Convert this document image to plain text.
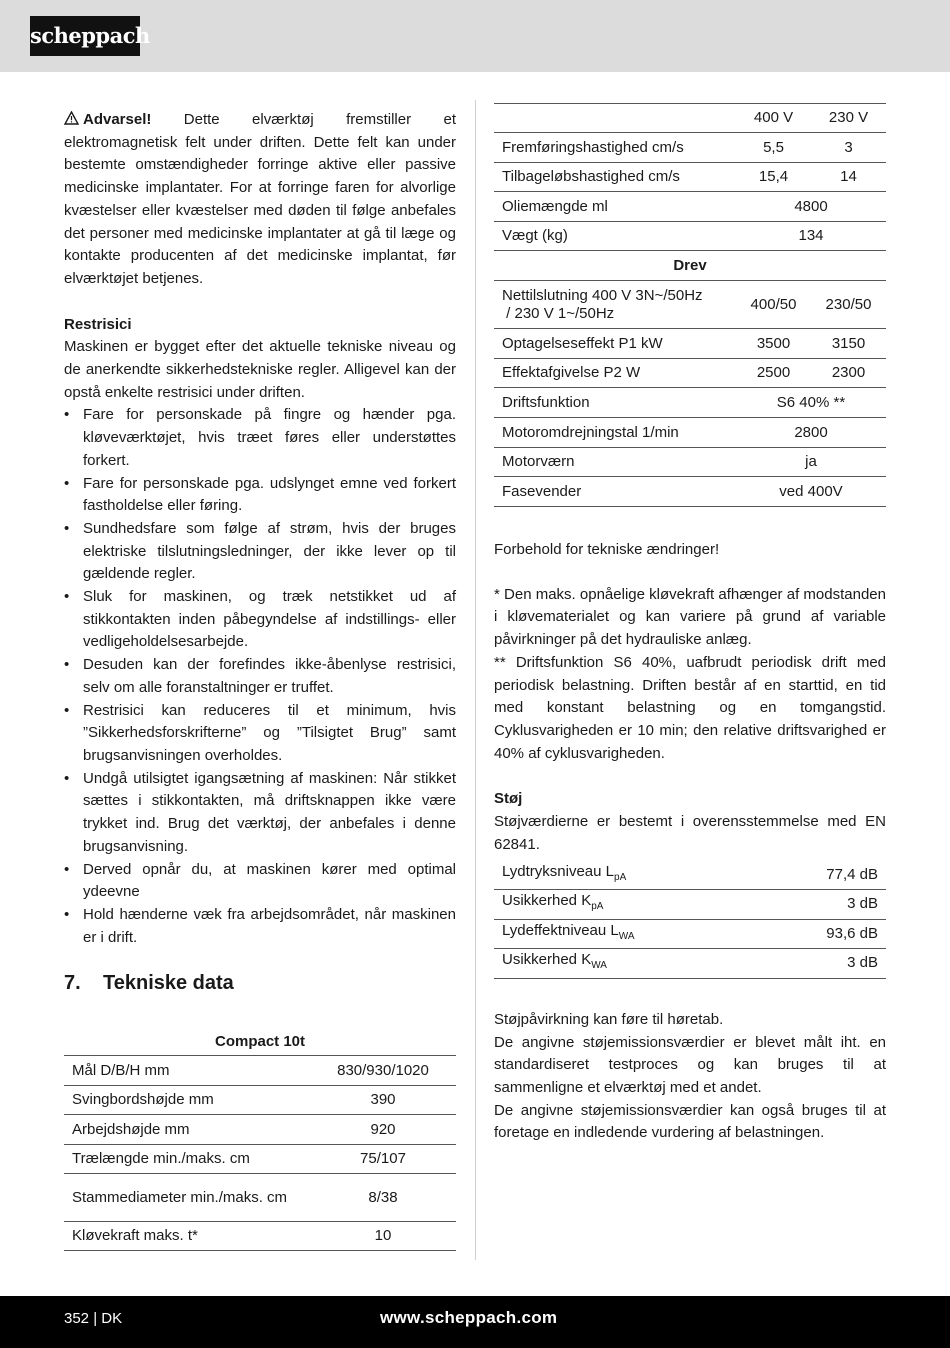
scheppach

Advarsel! Dette elværktøj fremstiller et elektromagnetisk felt under driften. Dette felt kan under bestemte omstændigheder forringe aktive eller passive medicinske implantater. For at forringe faren for alvorlige kvæstelser eller kvæstelser med døden til følge anbefales det personer med medicinske implantater at gå til læge og kontakte producenten af det medicinske implantat, før elværktøjet betjenes.

Restrisici

Maskinen er bygget efter det aktuelle tekniske niveau og de anerkendte sikkerhedstekniske regler. Alligevel kan der opstå enkelte restrisici under driften.

• Fare for personskade på fingre og hænder pga. kløveværktøjet, hvis træet føres eller understøttes forkert.
• Fare for personskade pga. udslynget emne ved forkert fastholdelse eller føring.
• Sundhedsfare som følge af strøm, hvis der bruges elektriske tilslutningsledninger, der ikke lever op til gældende regler.
• Sluk for maskinen, og træk netstikket ud af stikkontakten inden påbegyndelse af indstillings- eller vedligeholdelsesarbejde.
• Desuden kan der forefindes ikke-åbenlyse restrisici, selv om alle foranstaltninger er truffet.
• Restrisici kan reduceres til et minimum, hvis ”Sikkerhedsforskrifterne” og ”Tilsigtet Brug” samt brugsanvisningen overholdes.
• Undgå utilsigtet igangsætning af maskinen: Når stikket sættes i stikkontakten, må driftsknappen ikke være trykket ind. Brug det værktøj, der anbefales i denne brugsanvisning.
• Derved opnår du, at maskinen kører med optimal ydeevne
• Hold hænderne væk fra arbejdsområdet, når maskinen er i drift.
7. Tekniske data
Compact 10t
Mål D/B/H mm	830/930/1020
Svingbordshøjde mm	390
Arbejdshøjde mm	920
Trælængde min./maks. cm	75/107
Stammediameter min./maks. cm	8/38
Kløvekraft maks. t*	10
	400 V	230 V
Fremføringshastighed cm/s	5,5	3
Tilbageløbshastighed cm/s	15,4	14
Oliemængde ml	4800	
Vægt (kg)	134	
Drev		
Nettilslutning 400 V 3N~/50Hz
/ 230 V 1~/50Hz	400/50	230/50
Optagelseseffekt P1 kW	3500	3150
Effektafgivelse P2 W	2500	2300
Driftsfunktion	S6 40% **	
Motoromdrejningstal 1/min	2800	
Motorværn	ja	
Fasevender	ved 400V	

Forbehold for tekniske ændringer!

* Den maks. opnåelige kløvekraft afhænger af modstanden i kløvematerialet og kan variere på grund af variable påvirkninger på det hydrauliske anlæg.

** Driftsfunktion S6 40%, uafbrudt periodisk drift med periodisk belastning. Driften består af en starttid, en tid med konstant belastning og en tomgangstid. Cyklusvarigheden er 10 min; den relative driftsvarighed er 40% af cyklusvarigheden.

Støj

Støjværdierne er bestemt i overensstemmelse med EN 62841.

Lydtryksniveau $L_{pA}$	77,4 dB
Usikkerhed $K_{pA}$	3 dB
Lydeffektniveau $L_{WA}$	93,6 dB
Usikkerhed $K_{WA}$	3 dB

Støjpåvirkning kan føre til høretab.

De angivne støjemissionsværdier er blevet målt iht. en standardiseret testproces og kan bruges til at sammenligne et elværktøj med et andet.

De angivne støjemissionsværdier kan også bruges til at foretage en indledende vurdering af belastningen.

352 | DK	www.scheppach.com
